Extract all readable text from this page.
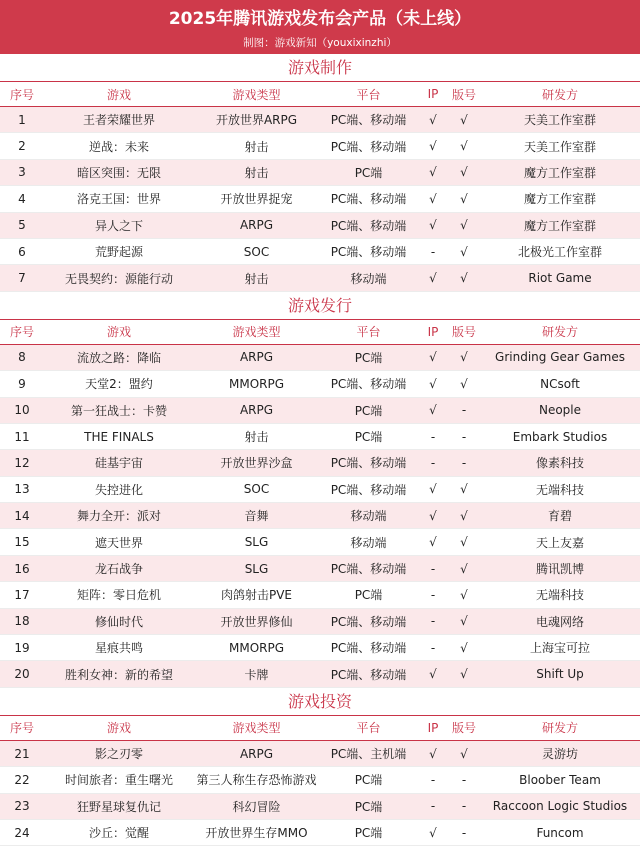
2025年腾讯游戏发布会产品（未上线）
制图：游戏新知（youxixinzhi）
游戏制作
序号	游戏	游戏类型	平台	IP	版号	研发方
1	王者荣耀世界	开放世界ARPG	PC端、移动端	√	√	天美工作室群
2	逆战：未来	射击	PC端、移动端	√	√	天美工作室群
3	暗区突围：无限	射击	PC端	√	√	魔方工作室群
4	洛克王国：世界	开放世界捉宠	PC端、移动端	√	√	魔方工作室群
5	异人之下	ARPG	PC端、移动端	√	√	魔方工作室群
6	荒野起源	SOC	PC端、移动端	-	√	北极光工作室群
7	无畏契约：源能行动	射击	移动端	√	√	Riot Game
游戏发行
序号	游戏	游戏类型	平台	IP	版号	研发方
8	流放之路：降临	ARPG	PC端	√	√	Grinding Gear Games
9	天堂2：盟约	MMORPG	PC端、移动端	√	√	NCsoft
10	第一狂战士：卡赞	ARPG	PC端	√	-	Neople
11	THE FINALS	射击	PC端	-	-	Embark Studios
12	硅基宇宙	开放世界沙盒	PC端、移动端	-	-	像素科技
13	失控进化	SOC	PC端、移动端	√	√	无端科技
14	舞力全开：派对	音舞	移动端	√	√	育碧
15	遮天世界	SLG	移动端	√	√	天上友嘉
16	龙石战争	SLG	PC端、移动端	-	√	腾讯凯博
17	矩阵：零日危机	肉鸽射击PVE	PC端	-	√	无端科技
18	修仙时代	开放世界修仙	PC端、移动端	-	√	电魂网络
19	星痕共鸣	MMORPG	PC端、移动端	-	√	上海宝可拉
20	胜利女神：新的希望	卡牌	PC端、移动端	√	√	Shift Up
游戏投资
序号	游戏	游戏类型	平台	IP	版号	研发方
21	影之刃零	ARPG	PC端、主机端	√	√	灵游坊
22	时间旅者：重生曙光	第三人称生存恐怖游戏	PC端	-	-	Bloober Team
23	狂野星球复仇记	科幻冒险	PC端	-	-	Raccoon Logic Studios
24	沙丘：觉醒	开放世界生存MMO	PC端	√	-	Funcom
